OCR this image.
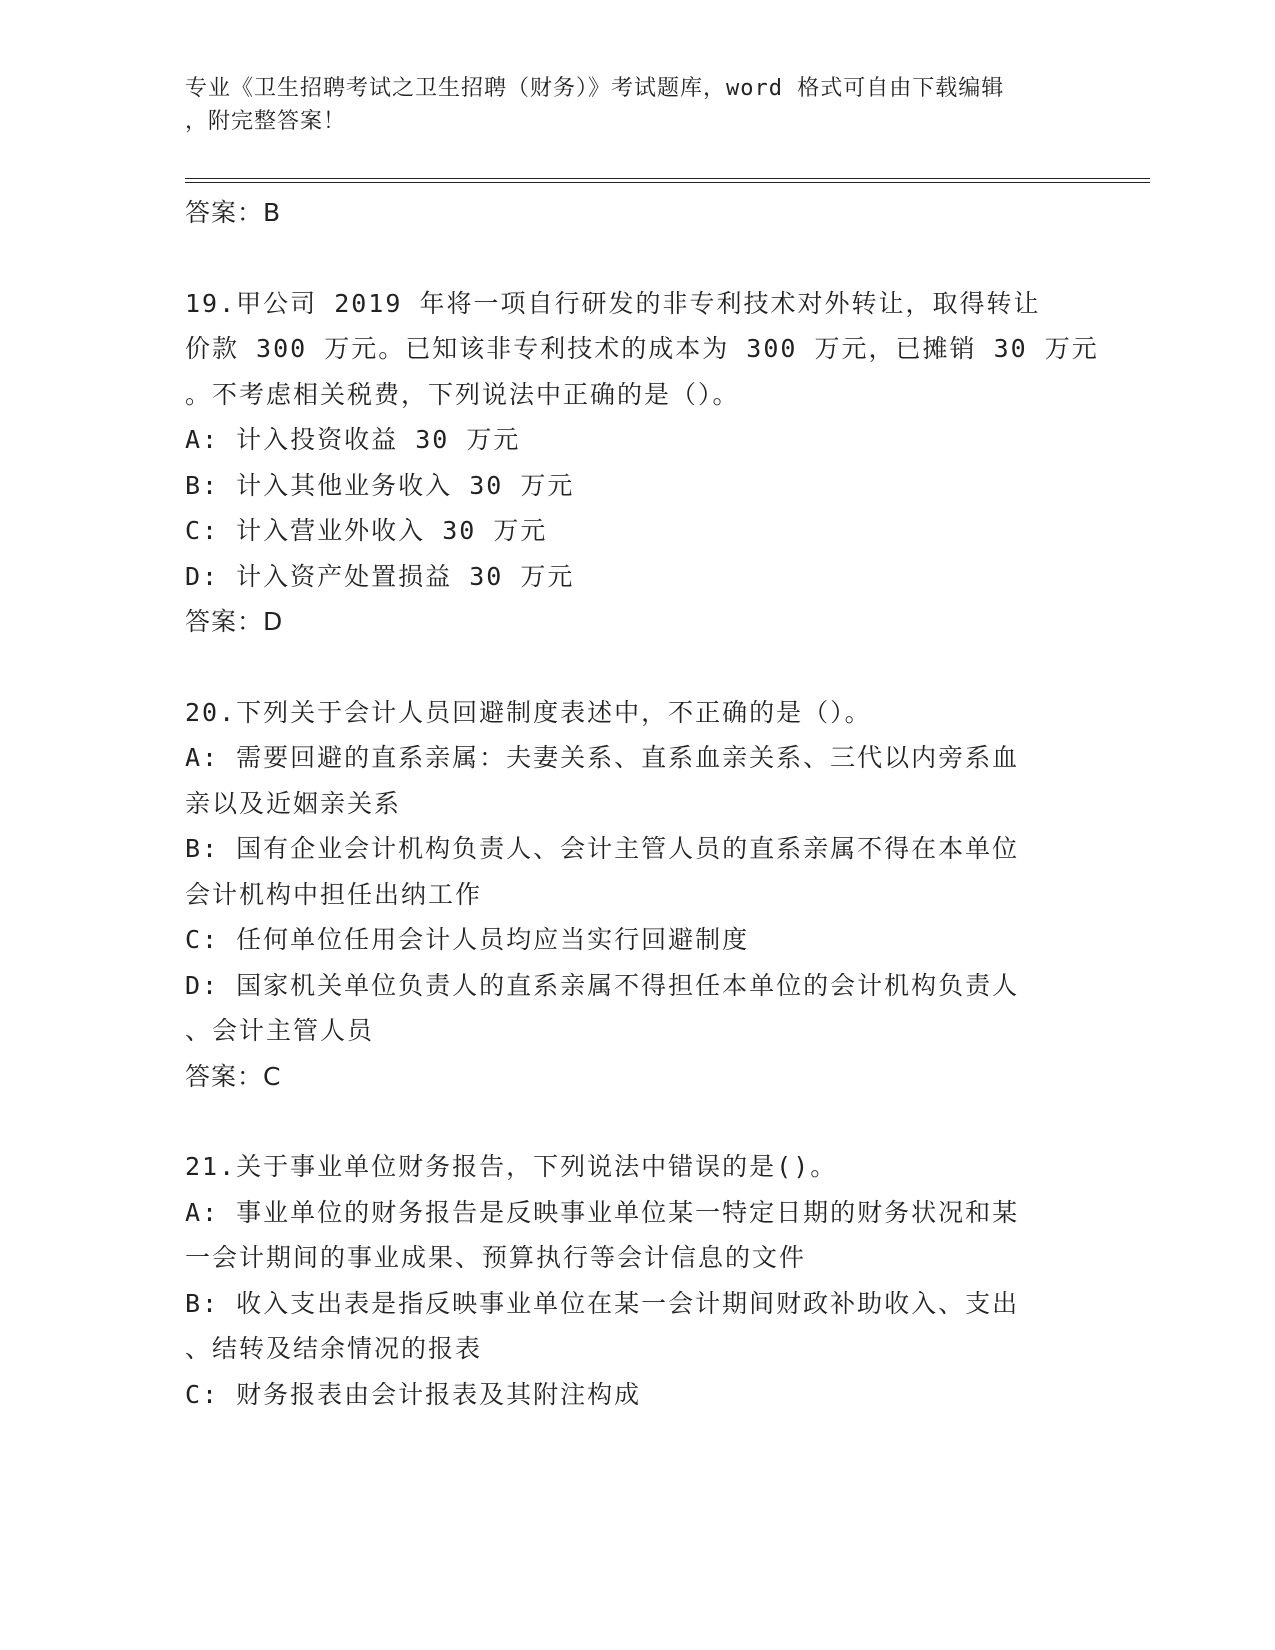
专业《卫生招聘考试之卫生招聘（财务）》考试题库，word 格式可自由下载编辑
，附完整答案！

答案：B

19.甲公司 2019 年将一项自行研发的非专利技术对外转让，取得转让

价款 300 万元。已知该非专利技术的成本为 300 万元，已摊销 30 万元

。不考虑相关税费，下列说法中正确的是（）。

A: 计入投资收益 30 万元

B: 计入其他业务收入 30 万元

C: 计入营业外收入 30 万元

D: 计入资产处置损益 30 万元

答案：D

20.下列关于会计人员回避制度表述中，不正确的是（）。

A: 需要回避的直系亲属：夫妻关系、直系血亲关系、三代以内旁系血

亲以及近姻亲关系

B: 国有企业会计机构负责人、会计主管人员的直系亲属不得在本单位

会计机构中担任出纳工作

C: 任何单位任用会计人员均应当实行回避制度

D: 国家机关单位负责人的直系亲属不得担任本单位的会计机构负责人

、会计主管人员

答案：C

21.关于事业单位财务报告，下列说法中错误的是()。

A: 事业单位的财务报告是反映事业单位某一特定日期的财务状况和某

一会计期间的事业成果、预算执行等会计信息的文件

B: 收入支出表是指反映事业单位在某一会计期间财政补助收入、支出

、结转及结余情况的报表

C: 财务报表由会计报表及其附注构成
